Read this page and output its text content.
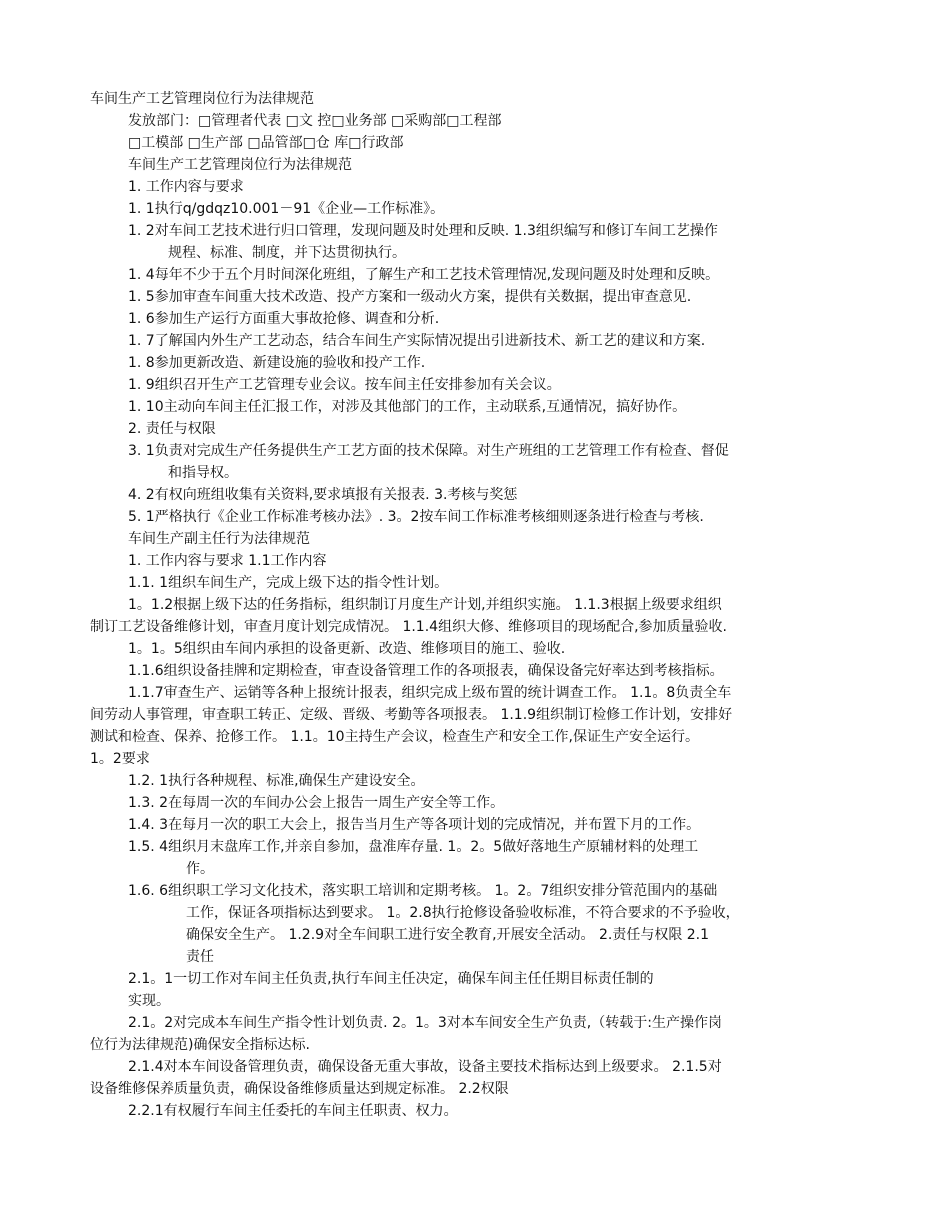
车间生产工艺管理岗位行为法律规范
发放部门：□管理者代表 □文 控□业务部 □采购部□工程部
□工模部 □生产部 □品管部□仓 库□行政部
车间生产工艺管理岗位行为法律规范
1. 工作内容与要求
1. 1执行q/gdqz10.001－91《企业—工作标准》。
1. 2对车间工艺技术进行归口管理，发现问题及时处理和反映. 1.3组织编写和修订车间工艺操作
规程、标准、制度，并下达贯彻执行。
1. 4每年不少于五个月时间深化班组，了解生产和工艺技术管理情况,发现问题及时处理和反映。
1. 5参加审查车间重大技术改造、投产方案和一级动火方案，提供有关数据，提出审查意见.
1. 6参加生产运行方面重大事故抢修、调查和分析.
1. 7了解国内外生产工艺动态，结合车间生产实际情况提出引进新技术、新工艺的建议和方案.
1. 8参加更新改造、新建设施的验收和投产工作.
1. 9组织召开生产工艺管理专业会议。按车间主任安排参加有关会议。
1. 10主动向车间主任汇报工作，对涉及其他部门的工作，主动联系,互通情况，搞好协作。
2. 责任与权限
3. 1负责对完成生产任务提供生产工艺方面的技术保障。对生产班组的工艺管理工作有检查、督促
和指导权。
4. 2有权向班组收集有关资料,要求填报有关报表. 3.考核与奖惩
5. 1严格执行《企业工作标准考核办法》. 3。2按车间工作标准考核细则逐条进行检查与考核.
车间生产副主任行为法律规范
1. 工作内容与要求 1.1工作内容
1.1. 1组织车间生产，完成上级下达的指令性计划。
1。1.2根据上级下达的任务指标，组织制订月度生产计划,并组织实施。 1.1.3根据上级要求组织
制订工艺设备维修计划，审查月度计划完成情况。 1.1.4组织大修、维修项目的现场配合,参加质量验收.
1。1。5组织由车间内承担的设备更新、改造、维修项目的施工、验收.
1.1.6组织设备挂牌和定期检查，审查设备管理工作的各项报表，确保设备完好率达到考核指标。
1.1.7审查生产、运销等各种上报统计报表，组织完成上级布置的统计调查工作。 1.1。8负责全车
间劳动人事管理，审查职工转正、定级、晋级、考勤等各项报表。 1.1.9组织制订检修工作计划，安排好
测试和检查、保养、抢修工作。 1.1。10主持生产会议，检查生产和安全工作,保证生产安全运行。
1。2要求
1.2. 1执行各种规程、标准,确保生产建设安全。
1.3. 2在每周一次的车间办公会上报告一周生产安全等工作。
1.4. 3在每月一次的职工大会上，报告当月生产等各项计划的完成情况，并布置下月的工作。
1.5. 4组织月末盘库工作,并亲自参加，盘准库存量. 1。2。5做好落地生产原辅材料的处理工
作。
1.6. 6组织职工学习文化技术，落实职工培训和定期考核。 1。2。7组织安排分管范围内的基础
工作，保证各项指标达到要求。 1。2.8执行抢修设备验收标准，不符合要求的不予验收，
确保安全生产。 1.2.9对全车间职工进行安全教育,开展安全活动。 2.责任与权限 2.1
责任
2.1。1一切工作对车间主任负责,执行车间主任决定，确保车间主任任期目标责任制的
实现。
2.1。2对完成本车间生产指令性计划负责. 2。1。3对本车间安全生产负责,（转载于:生产操作岗
位行为法律规范)确保安全指标达标.
2.1.4对本车间设备管理负责，确保设备无重大事故，设备主要技术指标达到上级要求。 2.1.5对
设备维修保养质量负责，确保设备维修质量达到规定标准。 2.2权限
2.2.1有权履行车间主任委托的车间主任职责、权力。
